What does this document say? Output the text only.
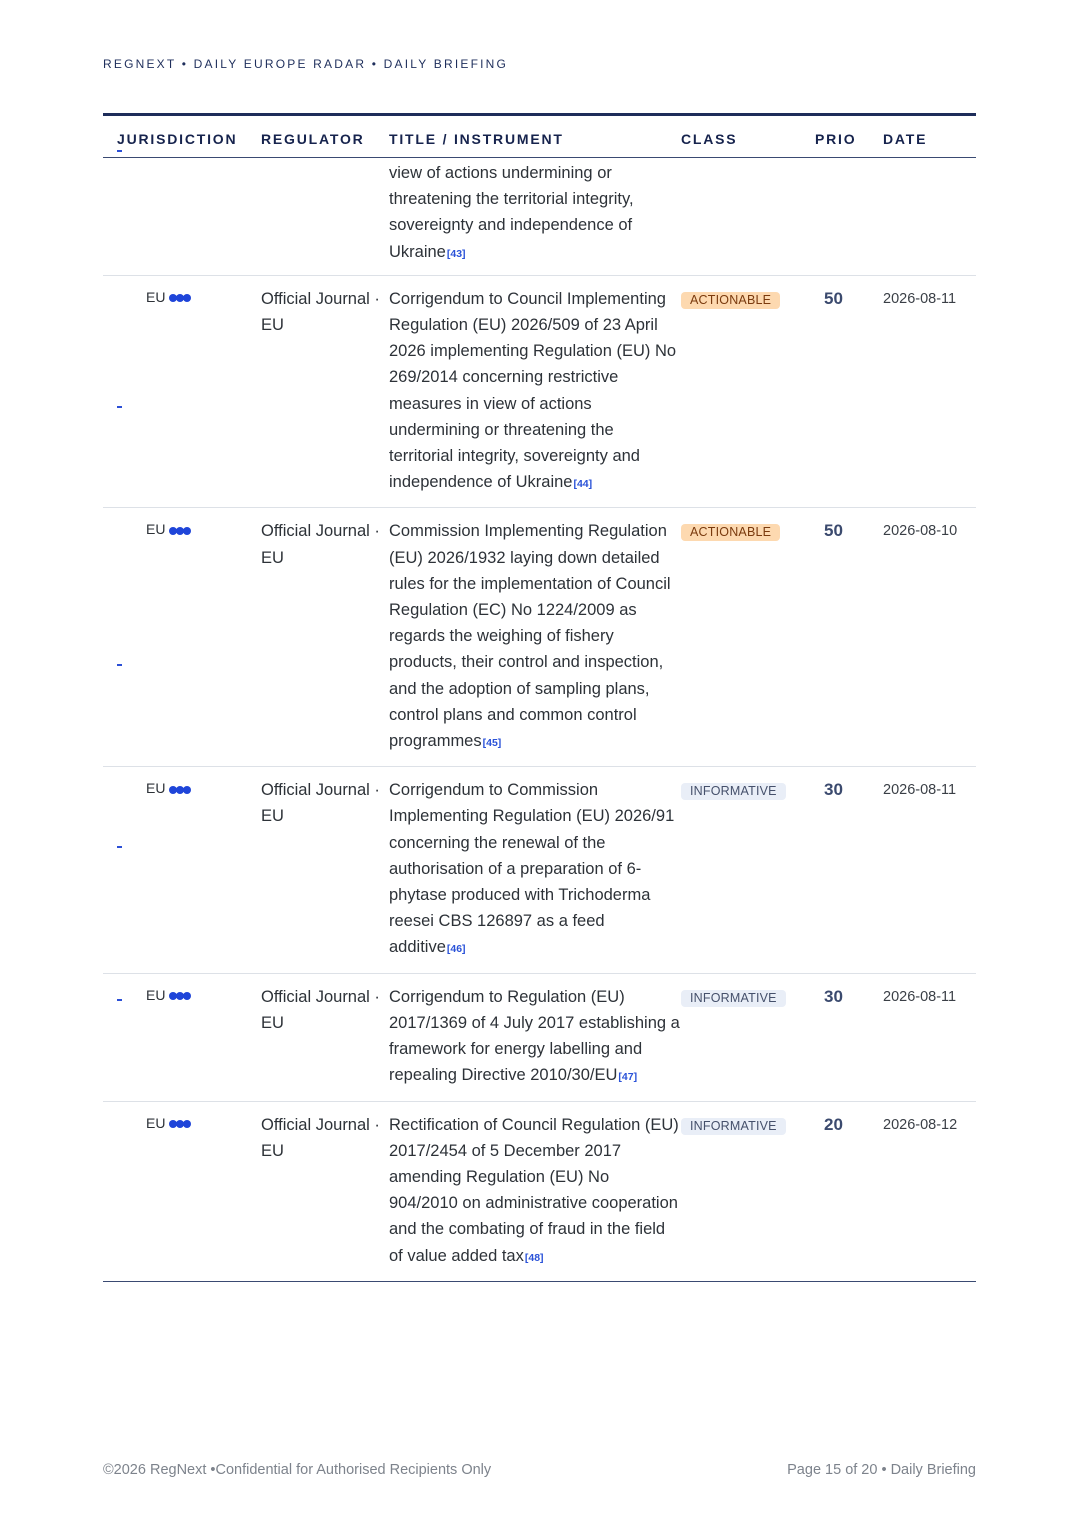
REGNEXT • DAILY EUROPE RADAR • DAILY BRIEFING
JURISDICTION	REGULATOR	TITLE / INSTRUMENT	CLASS	PRIO	DATE
		view of actions undermining or threatening the territorial integrity, sovereignty and independence of Ukraine[43]			

EU	Official Journal · EU	Corrigendum to Council Implementing Regulation (EU) 2026/509 of 23 April 2026 implementing Regulation (EU) No 269/2014 concerning restrictive measures in view of actions undermining or threatening the territorial integrity, sovereignty and independence of Ukraine[44]	ACTIONABLE	50	2026-08-11

EU	Official Journal · EU	Commission Implementing Regulation (EU) 2026/1932 laying down detailed rules for the implementation of Council Regulation (EC) No 1224/2009 as regards the weighing of fishery products, their control and inspection, and the adoption of sampling plans, control plans and common control programmes[45]	ACTIONABLE	50	2026-08-10

EU	Official Journal · EU	Corrigendum to Commission Implementing Regulation (EU) 2026/91 concerning the renewal of the authorisation of a preparation of 6-phytase produced with Trichoderma reesei CBS 126897 as a feed additive[46]	INFORMATIVE	30	2026-08-11

EU	Official Journal · EU	Corrigendum to Regulation (EU) 2017/1369 of 4 July 2017 establishing a framework for energy labelling and repealing Directive 2010/30/EU[47]	INFORMATIVE	30	2026-08-11
EU	Official Journal · EU	Rectification of Council Regulation (EU) 2017/2454 of 5 December 2017 amending Regulation (EU) No 904/2010 on administrative cooperation and the combating of fraud in the field of value added tax[48]	INFORMATIVE	20	2026-08-12
©2026 RegNext •Confidential for Authorised Recipients Only	Page 15 of 20 • Daily Briefing
